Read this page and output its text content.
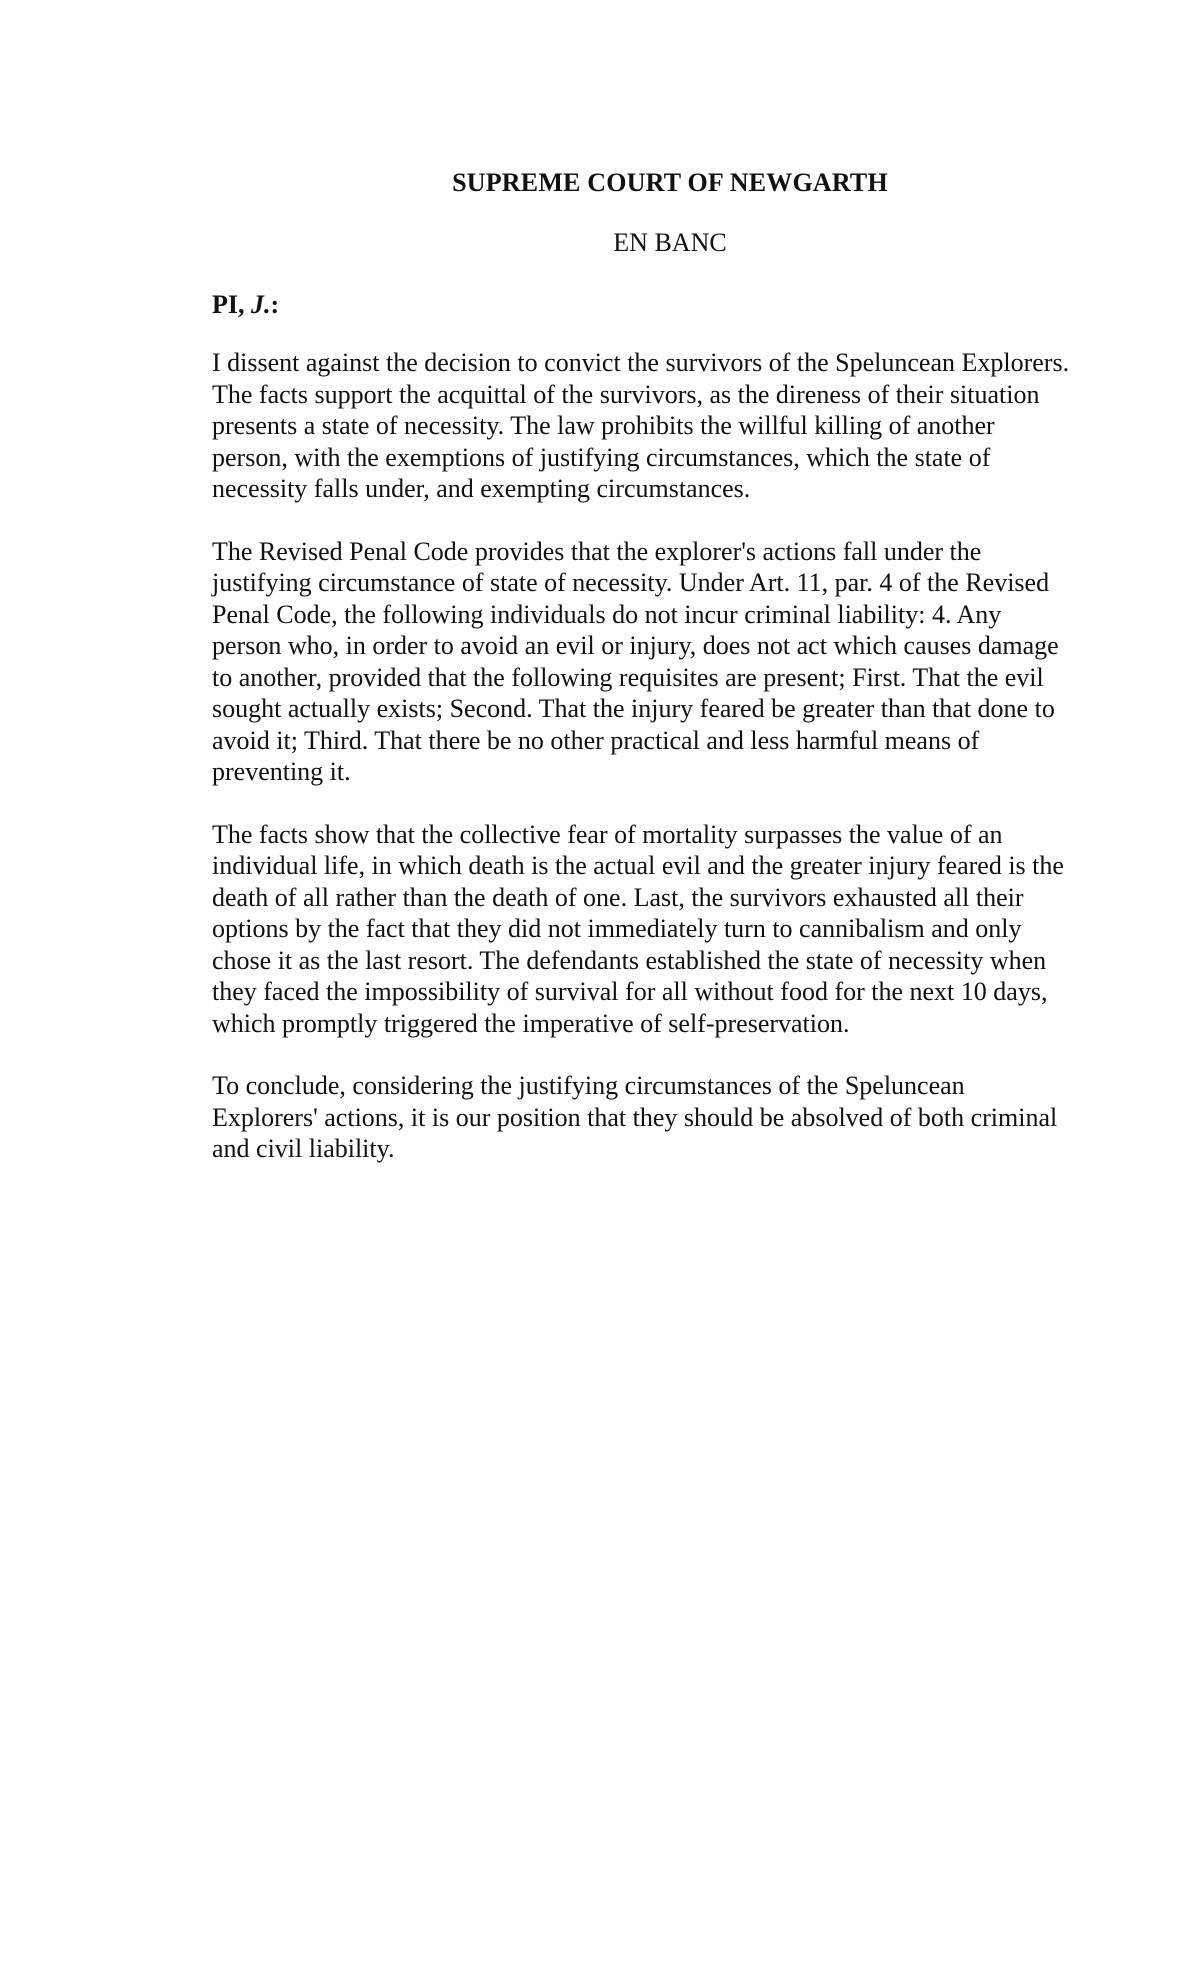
SUPREME COURT OF NEWGARTH
EN BANC
PI, J.:

I dissent against the decision to convict the survivors of the Speluncean Explorers. The facts support the acquittal of the survivors, as the direness of their situation presents a state of necessity. The law prohibits the willful killing of another person, with the exemptions of justifying circumstances, which the state of necessity falls under, and exempting circumstances.

The Revised Penal Code provides that the explorer's actions fall under the justifying circumstance of state of necessity. Under Art. 11, par. 4 of the Revised Penal Code, the following individuals do not incur criminal liability: 4. Any person who, in order to avoid an evil or injury, does not act which causes damage to another, provided that the following requisites are present; First. That the evil sought actually exists; Second. That the injury feared be greater than that done to avoid it; Third. That there be no other practical and less harmful means of preventing it.

The facts show that the collective fear of mortality surpasses the value of an individual life, in which death is the actual evil and the greater injury feared is the death of all rather than the death of one. Last, the survivors exhausted all their options by the fact that they did not immediately turn to cannibalism and only chose it as the last resort. The defendants established the state of necessity when they faced the impossibility of survival for all without food for the next 10 days, which promptly triggered the imperative of self-preservation.

To conclude, considering the justifying circumstances of the Speluncean Explorers' actions, it is our position that they should be absolved of both criminal and civil liability.
